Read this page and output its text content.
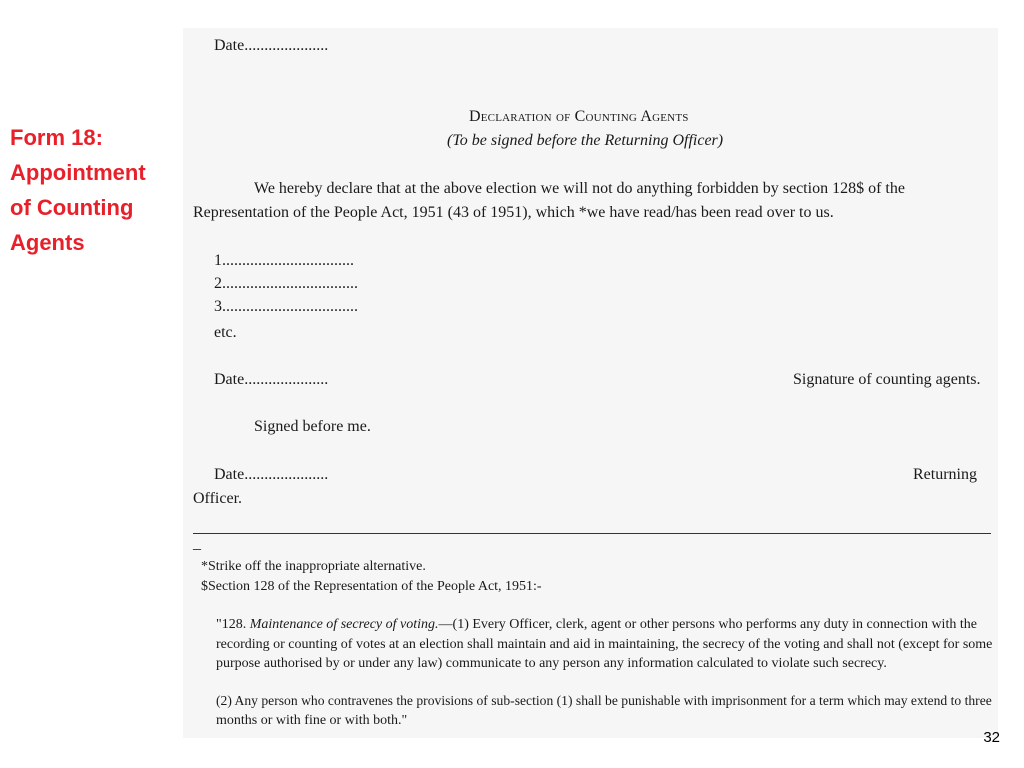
Form 18:
Appointment
of Counting
Agents
Date.....................
Declaration of Counting Agents
(To be signed before the Returning Officer)
We hereby declare that at the above election we will not do anything forbidden by section 128$ of the
Representation of the People Act, 1951 (43 of 1951), which *we have read/has been read over to us.
1.................................
2..................................
3..................................
etc.
Date.....................	Signature of counting agents.
Signed before me.
Date.....................	Returning
Officer.
_
*Strike off the inappropriate alternative.
$Section 128 of the Representation of the People Act, 1951:-
"128. Maintenance of secrecy of voting.—(1) Every Officer, clerk, agent or other persons who performs any duty in connection with the
recording or counting of votes at an election shall maintain and aid in maintaining, the secrecy of the voting and shall not (except for some
purpose authorised by or under any law) communicate to any person any information calculated to violate such secrecy.
(2) Any person who contravenes the provisions of sub-section (1) shall be punishable with imprisonment for a term which may extend to three
months or with fine or with both."
32
